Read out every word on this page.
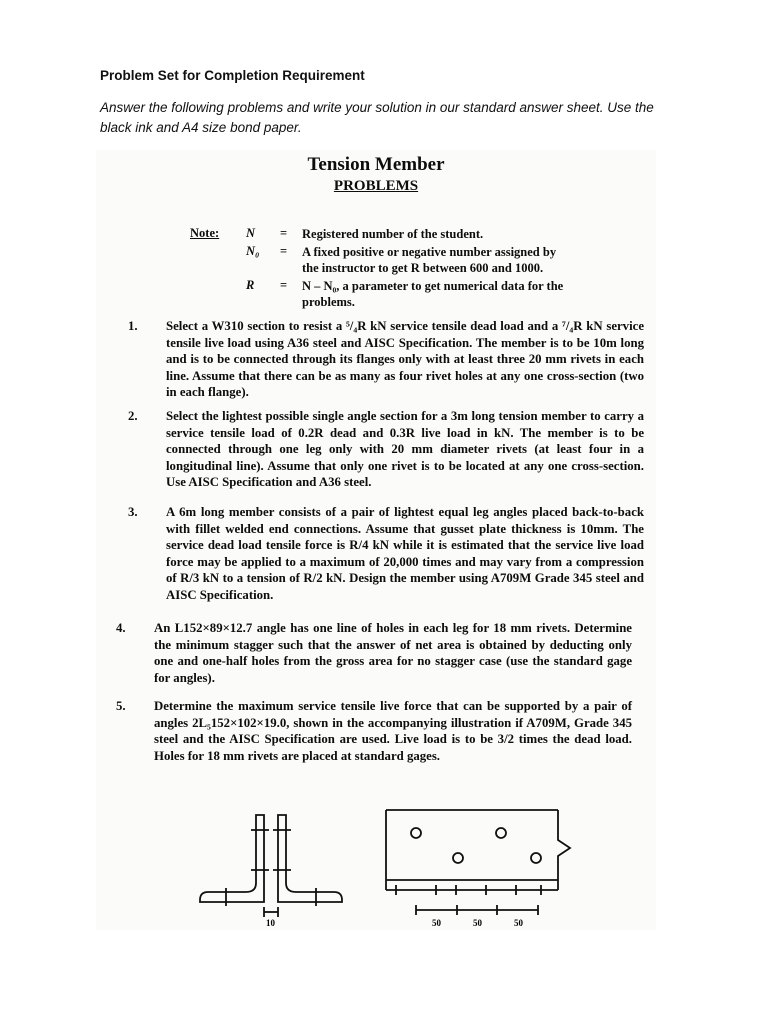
Problem Set for Completion Requirement
Answer the following problems and write your solution in our standard answer sheet. Use the black ink and A4 size bond paper.
Tension Member
PROBLEMS
Note: N = Registered number of the student.
N₀ = A fixed positive or negative number assigned by the instructor to get R between 600 and 1000.
R = N – N₀, a parameter to get numerical data for the problems.
1. Select a W310 section to resist a ⁵/₄R kN service tensile dead load and a ⁷/₄R kN service tensile live load using A36 steel and AISC Specification. The member is to be 10m long and is to be connected through its flanges only with at least three 20 mm rivets in each line. Assume that there can be as many as four rivet holes at any one cross-section (two in each flange).
2. Select the lightest possible single angle section for a 3m long tension member to carry a service tensile load of 0.2R dead and 0.3R live load in kN. The member is to be connected through one leg only with 20 mm diameter rivets (at least four in a longitudinal line). Assume that only one rivet is to be located at any one cross-section. Use AISC Specification and A36 steel.
3. A 6m long member consists of a pair of lightest equal leg angles placed back-to-back with fillet welded end connections. Assume that gusset plate thickness is 10mm. The service dead load tensile force is R/4 kN while it is estimated that the service live load force may be applied to a maximum of 20,000 times and may vary from a compression of R/3 kN to a tension of R/2 kN. Design the member using A709M Grade 345 steel and AISC Specification.
4. An L152×89×12.7 angle has one line of holes in each leg for 18 mm rivets. Determine the minimum stagger such that the answer of net area is obtained by deducting only one and one-half holes from the gross area for no stagger case (use the standard gage for angles).
5. Determine the maximum service tensile live force that can be supported by a pair of angles 2L₅152×102×19.0, shown in the accompanying illustration if A709M, Grade 345 steel and the AISC Specification are used. Live load is to be 3/2 times the dead load. Holes for 18 mm rivets are placed at standard gages.
10	50	50	50
